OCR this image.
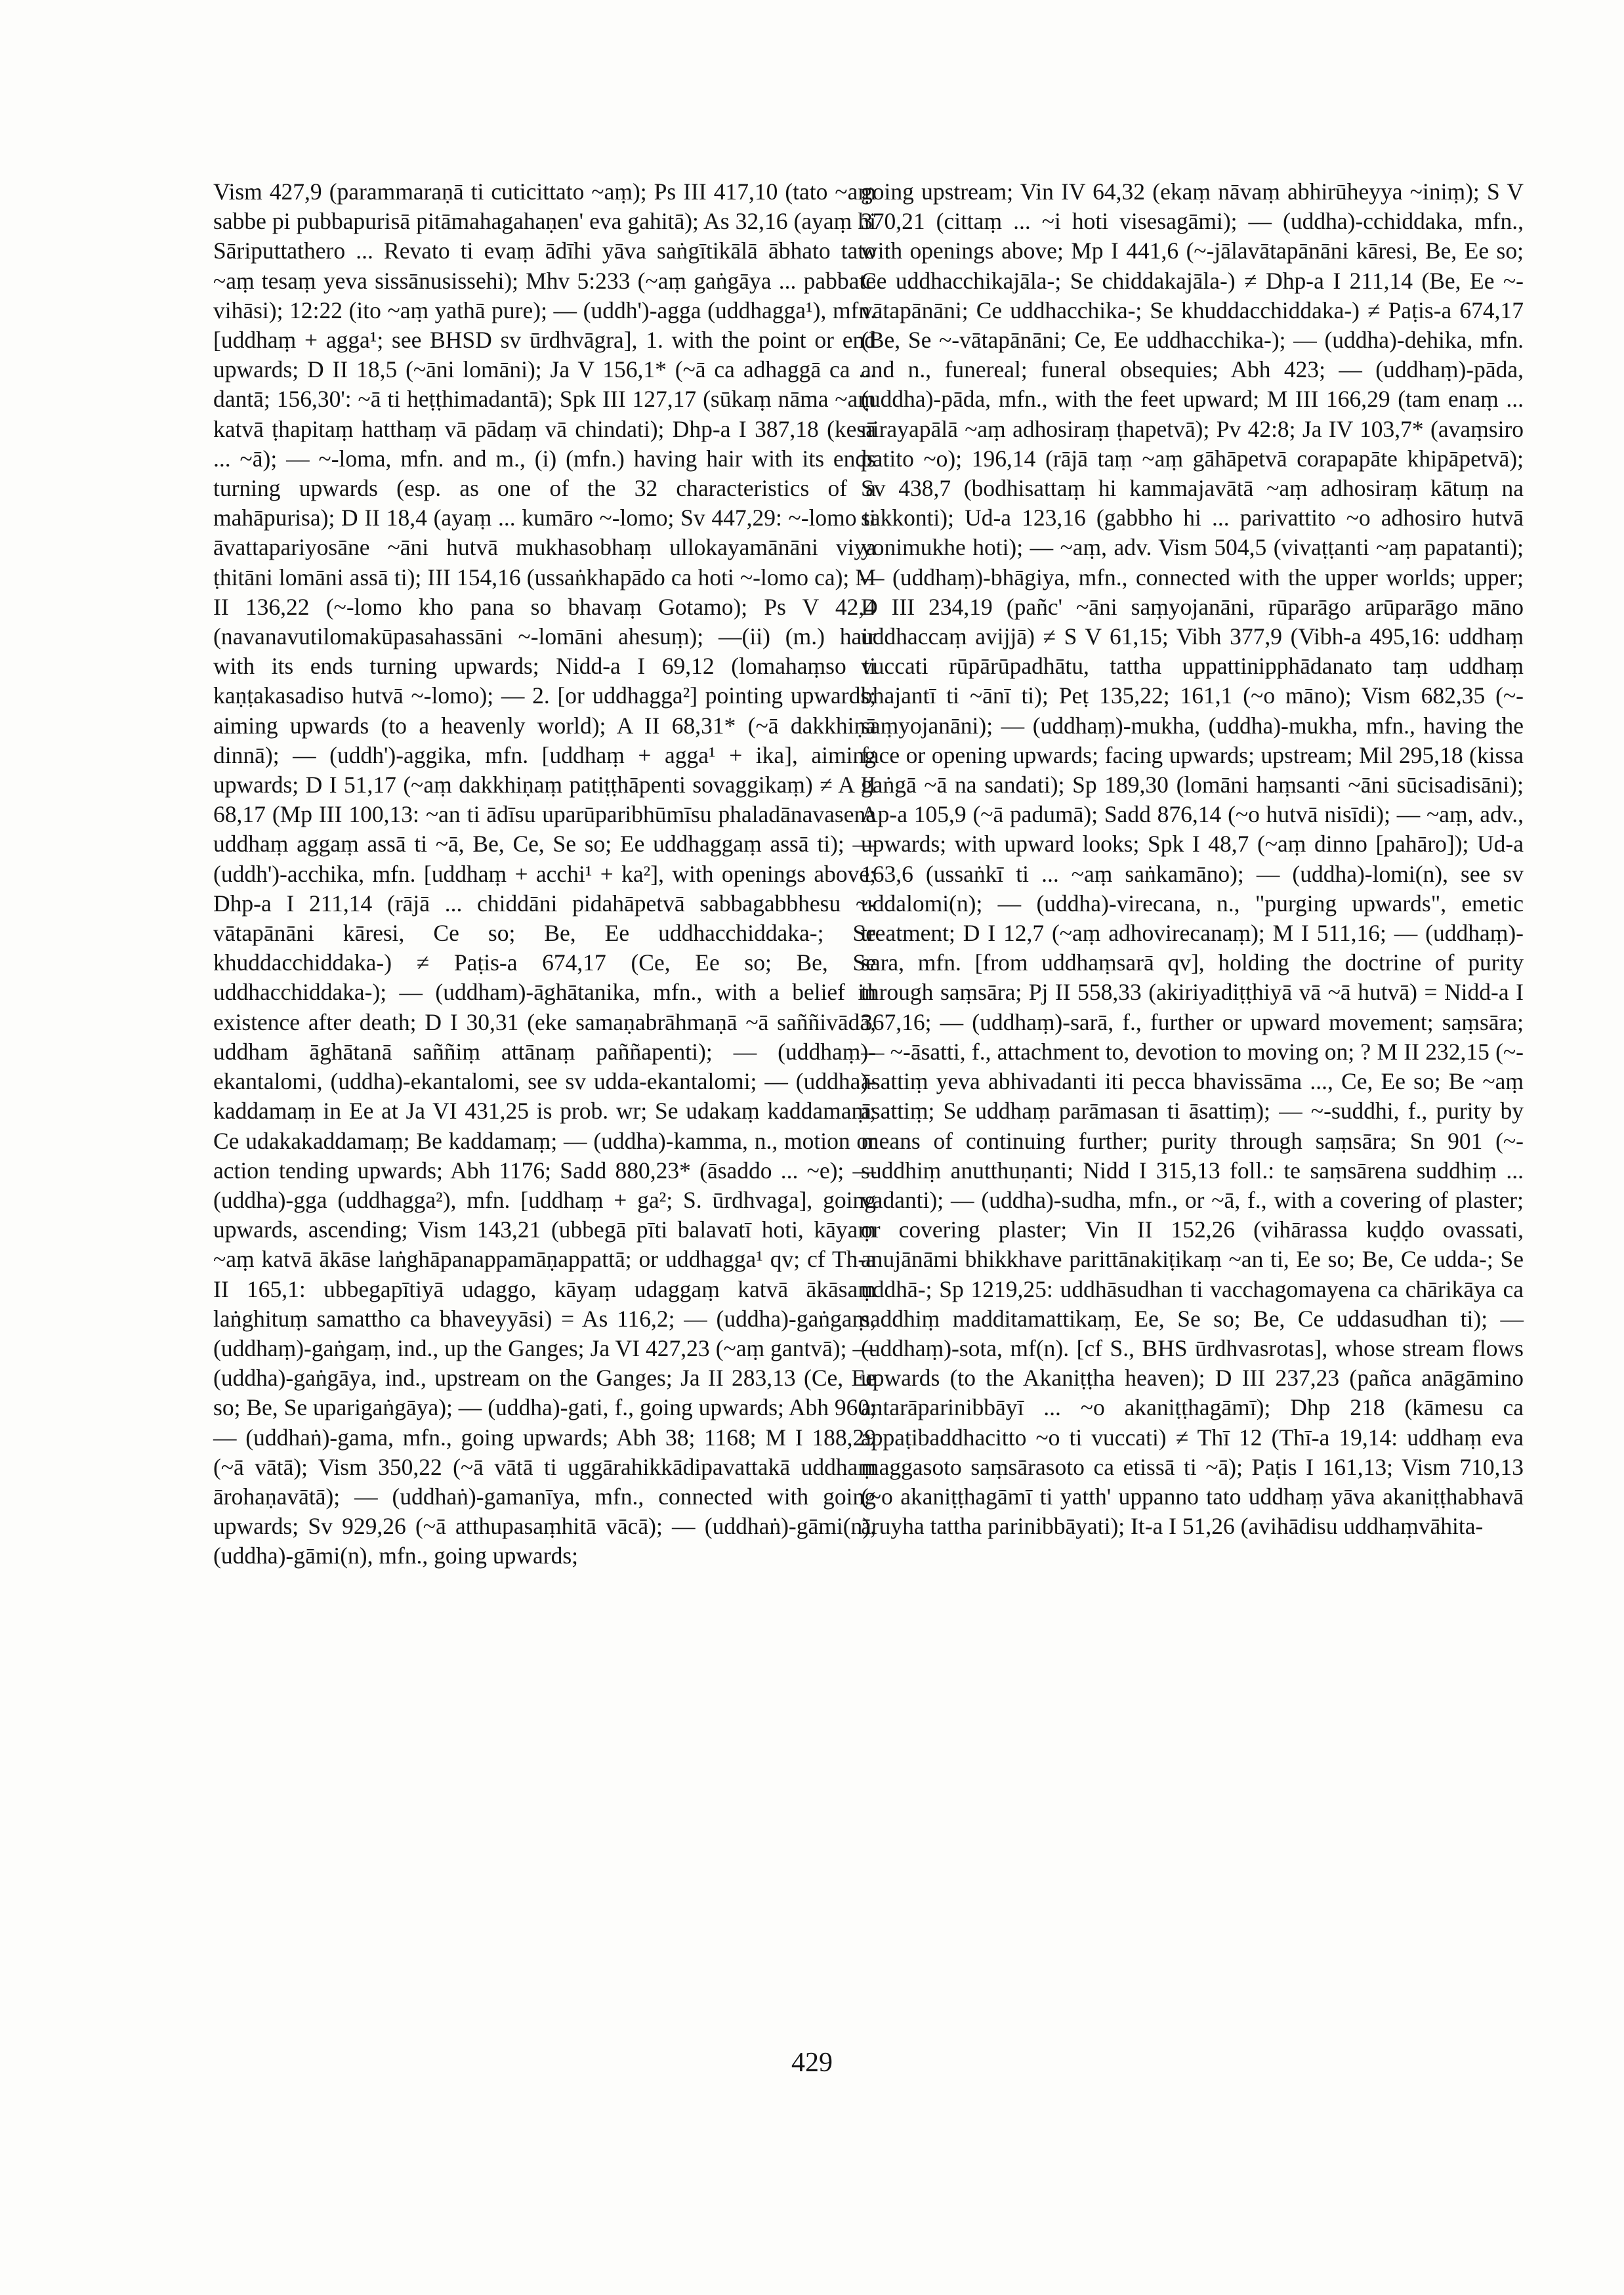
Vism 427,9 (parammaraṇā ti cuticittato ~aṃ); Ps III 417,10 (tato ~aṃ sabbe pi pubbapurisā pitāmahagahaṇen' eva gahitā); As 32,16 (ayaṃ hi Sāriputtathero ... Revato ti evaṃ ādīhi yāva saṅgītikālā ābhato tato ~aṃ tesaṃ yeva sissānusissehi); Mhv 5:233 (~aṃ gaṅgāya ... pabbate vihāsi); 12:22 (ito ~aṃ yathā pure); — (uddh')-agga (uddhagga¹), mfn. [uddhaṃ + agga¹; see BHSD sv ūrdhvāgra], 1. with the point or end upwards; D II 18,5 (~āni lomāni); Ja V 156,1* (~ā ca adhaggā ca ... dantā; 156,30': ~ā ti heṭṭhimadantā); Spk III 127,17 (sūkaṃ nāma ~aṃ katvā ṭhapitaṃ hatthaṃ vā pādaṃ vā chindati); Dhp-a I 387,18 (kesā ... ~ā); — ~-loma, mfn. and m., (i) (mfn.) having hair with its ends turning upwards (esp. as one of the 32 characteristics of a mahāpurisa); D II 18,4 (ayaṃ ... kumāro ~-lomo; Sv 447,29: ~-lomo ti āvattapariyosāne ~āni hutvā mukhasobhaṃ ullokayamānāni viya ṭhitāni lomāni assā ti); III 154,16 (ussaṅkhapādo ca hoti ~-lomo ca); M II 136,22 (~-lomo kho pana so bhavaṃ Gotamo); Ps V 42,4 (navanavutilomakūpasahassāni ~-lomāni ahesuṃ); —(ii) (m.) hair with its ends turning upwards; Nidd-a I 69,12 (lomahaṃso ti kaṇṭakasadiso hutvā ~-lomo); — 2. [or uddhagga²] pointing upwards; aiming upwards (to a heavenly world); A II 68,31* (~ā dakkhiṇā dinnā); — (uddh')-aggika, mfn. [uddhaṃ + agga¹ + ika], aiming upwards; D I 51,17 (~aṃ dakkhiṇaṃ patiṭṭhāpenti sovaggikaṃ) ≠ A II 68,17 (Mp III 100,13: ~an ti ādīsu uparūparibhūmīsu phaladānavasena uddhaṃ aggaṃ assā ti ~ā, Be, Ce, Se so; Ee uddhaggaṃ assā ti); — (uddh')-acchika, mfn. [uddhaṃ + acchi¹ + ka²], with openings above; Dhp-a I 211,14 (rājā ... chiddāni pidahāpetvā sabbagabbhesu ~-vātapānāni kāresi, Ce so; Be, Ee uddhacchiddaka-; Se khuddacchiddaka-) ≠ Paṭis-a 674,17 (Ce, Ee so; Be, Se uddhacchiddaka-); — (uddham)-āghātanika, mfn., with a belief in existence after death; D I 30,31 (eke samaṇabrāhmaṇā ~ā saññivādā, uddham āghātanā saññiṃ attānaṃ paññapenti); — (uddhaṃ)-ekantalomi, (uddha)-ekantalomi, see sv udda-ekantalomi; — (uddha)-kaddamaṃ in Ee at Ja VI 431,25 is prob. wr; Se udakaṃ kaddamaṃ; Ce udakakaddamaṃ; Be kaddamaṃ; — (uddha)-kamma, n., motion or action tending upwards; Abh 1176; Sadd 880,23* (āsaddo ... ~e); — (uddha)-gga (uddhagga²), mfn. [uddhaṃ + ga²; S. ūrdhvaga], going upwards, ascending; Vism 143,21 (ubbegā pīti balavatī hoti, kāyaṃ ~aṃ katvā ākāse laṅghāpanappamāṇappattā; or uddhagga¹ qv; cf Th-a II 165,1: ubbegapītiyā udaggo, kāyaṃ udaggaṃ katvā ākāsaṃ laṅghituṃ samattho ca bhaveyyāsi) = As 116,2; — (uddha)-gaṅgaṃ, (uddhaṃ)-gaṅgaṃ, ind., up the Ganges; Ja VI 427,23 (~aṃ gantvā); — (uddha)-gaṅgāya, ind., upstream on the Ganges; Ja II 283,13 (Ce, Ee so; Be, Se uparigaṅgāya); — (uddha)-gati, f., going upwards; Abh 960; — (uddhaṅ)-gama, mfn., going upwards; Abh 38; 1168; M I 188,29 (~ā vātā); Vism 350,22 (~ā vātā ti uggārahikkādipavattakā uddhaṃ ārohaṇavātā); — (uddhaṅ)-gamanīya, mfn., connected with going upwards; Sv 929,26 (~ā atthupasaṃhitā vācā); — (uddhaṅ)-gāmi(n), (uddha)-gāmi(n), mfn., going upwards;

going upstream; Vin IV 64,32 (ekaṃ nāvaṃ abhirūheyya ~iniṃ); S V 370,21 (cittaṃ ... ~i hoti visesagāmi); — (uddha)-cchiddaka, mfn., with openings above; Mp I 441,6 (~-jālavātapānāni kāresi, Be, Ee so; Ce uddhacchikajāla-; Se chiddakajāla-) ≠ Dhp-a I 211,14 (Be, Ee ~-vātapānāni; Ce uddhacchika-; Se khuddacchiddaka-) ≠ Paṭis-a 674,17 (Be, Se ~-vātapānāni; Ce, Ee uddhacchika-); — (uddha)-dehika, mfn. and n., funereal; funeral obsequies; Abh 423; — (uddhaṃ)-pāda, (uddha)-pāda, mfn., with the feet upward; M III 166,29 (tam enaṃ ... nirayapālā ~aṃ adhosiraṃ ṭhapetvā); Pv 42:8; Ja IV 103,7* (avaṃsiro patito ~o); 196,14 (rājā taṃ ~aṃ gāhāpetvā corapapāte khipāpetvā); Sv 438,7 (bodhisattaṃ hi kammajavātā ~aṃ adhosiraṃ kātuṃ na sakkonti); Ud-a 123,16 (gabbho hi ... parivattito ~o adhosiro hutvā yonimukhe hoti); — ~aṃ, adv. Vism 504,5 (vivaṭṭanti ~aṃ papatanti); — (uddhaṃ)-bhāgiya, mfn., connected with the upper worlds; upper; D III 234,19 (pañc' ~āni saṃyojanāni, rūparāgo arūparāgo māno uddhaccaṃ avijjā) ≠ S V 61,15; Vibh 377,9 (Vibh-a 495,16: uddhaṃ vuccati rūpārūpadhātu, tattha uppattinipphādanato taṃ uddhaṃ bhajantī ti ~ānī ti); Peṭ 135,22; 161,1 (~o māno); Vism 682,35 (~-saṃyojanāni); — (uddhaṃ)-mukha, (uddha)-mukha, mfn., having the face or opening upwards; facing upwards; upstream; Mil 295,18 (kissa gaṅgā ~ā na sandati); Sp 189,30 (lomāni haṃsanti ~āni sūcisadisāni); Ap-a 105,9 (~ā padumā); Sadd 876,14 (~o hutvā nisīdi); — ~aṃ, adv., upwards; with upward looks; Spk I 48,7 (~aṃ dinno [pahāro]); Ud-a 163,6 (ussaṅkī ti ... ~aṃ saṅkamāno); — (uddha)-lomi(n), see sv uddalomi(n); — (uddha)-virecana, n., "purging upwards", emetic treatment; D I 12,7 (~aṃ adhovirecanaṃ); M I 511,16; — (uddhaṃ)-sara, mfn. [from uddhaṃsarā qv], holding the doctrine of purity through saṃsāra; Pj II 558,33 (akiriyadiṭṭhiyā vā ~ā hutvā) = Nidd-a I 367,16; — (uddhaṃ)-sarā, f., further or upward movement; saṃsāra; — ~-āsatti, f., attachment to, devotion to moving on; ? M II 232,15 (~-āsattiṃ yeva abhivadanti iti pecca bhavissāma ..., Ce, Ee so; Be ~aṃ āsattiṃ; Se uddhaṃ parāmasan ti āsattiṃ); — ~-suddhi, f., purity by means of continuing further; purity through saṃsāra; Sn 901 (~-suddhiṃ anutthuṇanti; Nidd I 315,13 foll.: te saṃsārena suddhiṃ ... vadanti); — (uddha)-sudha, mfn., or ~ā, f., with a covering of plaster; or covering plaster; Vin II 152,26 (vihārassa kuḍḍo ovassati, anujānāmi bhikkhave parittānakiṭikaṃ ~an ti, Ee so; Be, Ce udda-; Se uddhā-; Sp 1219,25: uddhāsudhan ti vacchagomayena ca chārikāya ca saddhiṃ madditamattikaṃ, Ee, Se so; Be, Ce uddasudhan ti); — (uddhaṃ)-sota, mf(n). [cf S., BHS ūrdhvasrotas], whose stream flows upwards (to the Akaniṭṭha heaven); D III 237,23 (pañca anāgāmino antarāparinibbāyī ... ~o akaniṭṭhagāmī); Dhp 218 (kāmesu ca appaṭibaddhacitto ~o ti vuccati) ≠ Thī 12 (Thī-a 19,14: uddhaṃ eva maggasoto saṃsārasoto ca etissā ti ~ā); Paṭis I 161,13; Vism 710,13 (~o akaniṭṭhagāmī ti yatth' uppanno tato uddhaṃ yāva akaniṭṭhabhavā āruyha tattha parinibbāyati); It-a I 51,26 (avihādisu uddhaṃvāhita-

429
